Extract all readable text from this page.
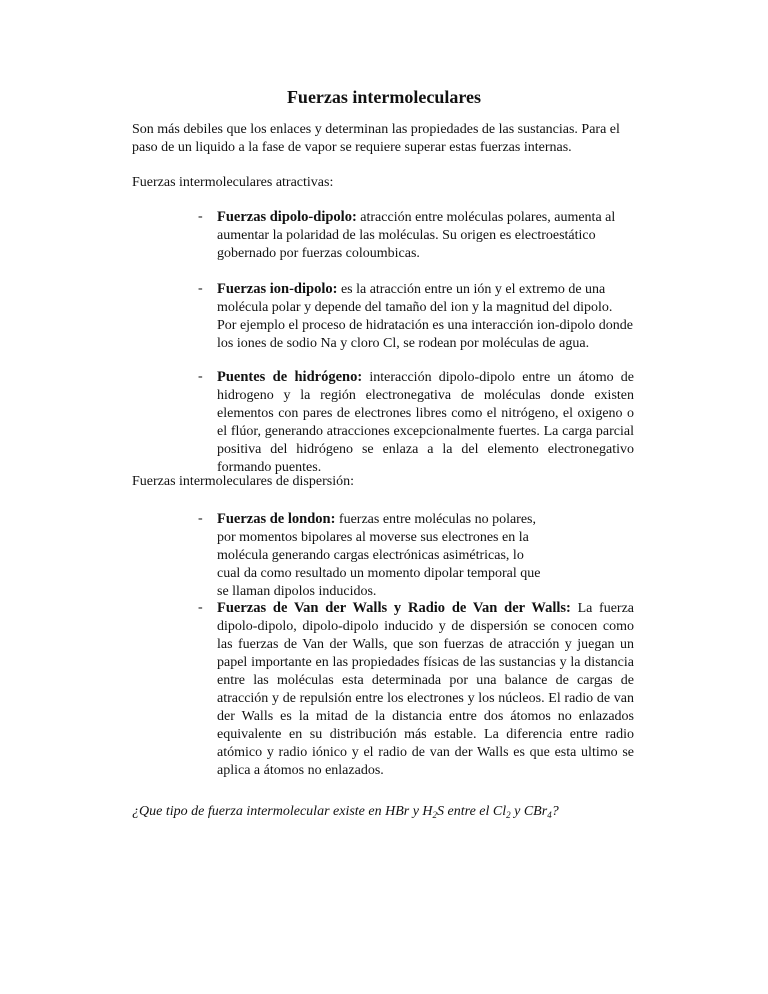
Fuerzas intermoleculares
Son más debiles que los enlaces y determinan las propiedades de las sustancias. Para el paso de un liquido a la fase de vapor se requiere superar estas fuerzas internas.
Fuerzas intermoleculares atractivas:
- Fuerzas dipolo-dipolo: atracción entre moléculas polares, aumenta al aumentar la polaridad de las moléculas. Su origen es electroestático gobernado por fuerzas coloumbicas.
- Fuerzas ion-dipolo: es la atracción entre un ión y el extremo de una molécula polar y depende del tamaño del ion y la magnitud del dipolo. Por ejemplo el proceso de hidratación es una interacción ion-dipolo donde los iones de sodio Na y cloro Cl, se rodean por moléculas de agua.
- Puentes de hidrógeno: interacción dipolo-dipolo entre un átomo de hidrogeno y la región electronegativa de moléculas donde existen elementos con pares de electrones libres como el nitrógeno, el oxigeno o el flúor, generando atracciones excepcionalmente fuertes. La carga parcial positiva del hidrógeno se enlaza a la del elemento electronegativo formando puentes.
Fuerzas intermoleculares de dispersión:
- Fuerzas de london: fuerzas entre moléculas no polares, por momentos bipolares al moverse sus electrones en la molécula generando cargas electrónicas asimétricas, lo cual da como resultado un momento dipolar temporal que se llaman dipolos inducidos.
- Fuerzas de Van der Walls y Radio de Van der Walls: La fuerza dipolo-dipolo, dipolo-dipolo inducido y de dispersión se conocen como las fuerzas de Van der Walls, que son fuerzas de atracción y juegan un papel importante en las propiedades físicas de las sustancias y la distancia entre las moléculas esta determinada por una balance de cargas de atracción y de repulsión entre los electrones y los núcleos. El radio de van der Walls es la mitad de la distancia entre dos átomos no enlazados equivalente en su distribución más estable. La diferencia entre radio atómico y radio iónico y el radio de van der Walls es que esta ultimo se aplica a átomos no enlazados.
¿Que tipo de fuerza intermolecular existe en HBr y $H_2S$ entre el $Cl_2$ y CBr$_4$?
